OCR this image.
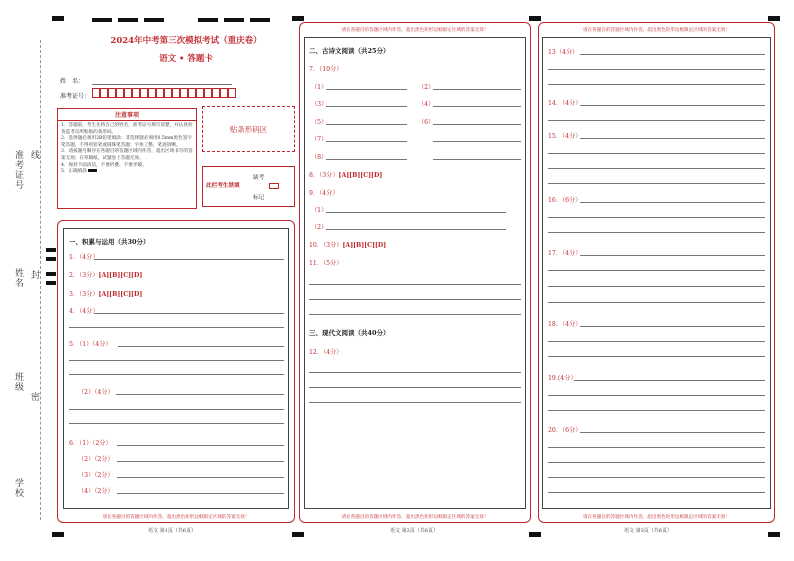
准考证号 线
姓名 封
班级
密
学校
2024年中考第三次模拟考试（重庆卷）
语文 • 答题卡
姓　名：
准考证号：
注意事项
1．答题前，考生先将自己的姓名，准考证号填写清楚，并认真检查监考员所粘贴的条形码。
2．选择题必须用2B铅笔填涂；非选择题必须用0.5mm黑色签字笔答题，不得用铅笔或圆珠笔答题；字体工整、笔迹清晰。
3．请按题号顺序在各题目的答题区域内作答，超出区域书写的答案无效；在草稿纸、试题卷上答题无效。
4．保持卡面清洁，不要折叠、不要弄破。
5．正确填涂
贴条形码区
此栏考生禁填
缺考
标记
一、积累与运用（共30分）
1．（4分）
2．（3分）[A][B][C][D]
3．（3分）[A][B][C][D]
4．（4分）
5．（1）（4分）
（2）（4分）
6．（1）（2分）
（2）（2分）
（3）（2分）
（4）（2分）
请在各题目的答题区域内作答，超出黑色矩形边框限定区域的答案无效！
语文 第1页（共6页）
请在各题目的答题区域内作答，超出黑色矩形边框限定区域的答案无效！
二、古诗文阅读（共25分）
7．（10分）
（1）	（2）
（3）	（4）
（5）	（6）
（7）
（8）
8．（3分）[A][B][C][D]
9．（4分）
（1）
（2）
10．（3分）[A][B][C][D]
11．（5分）
三、现代文阅读（共40分）
12．（4分）
请在各题目的答题区域内作答，超出黑色矩形边框限定区域的答案无效！
语文 第2页（共6页）
请在各题目的答题区域内作答，超出黑色矩形边框限定区域的答案无效！
13（4分）
14．（4分）
15．（4分）
16．（6分）
17．（4分）
18．（4分）
19.(4分）
20．（6分）
请在各题目的答题区域内作答，超出黑色矩形边框限定区域的答案无效！
语文 第3页（共6页）
